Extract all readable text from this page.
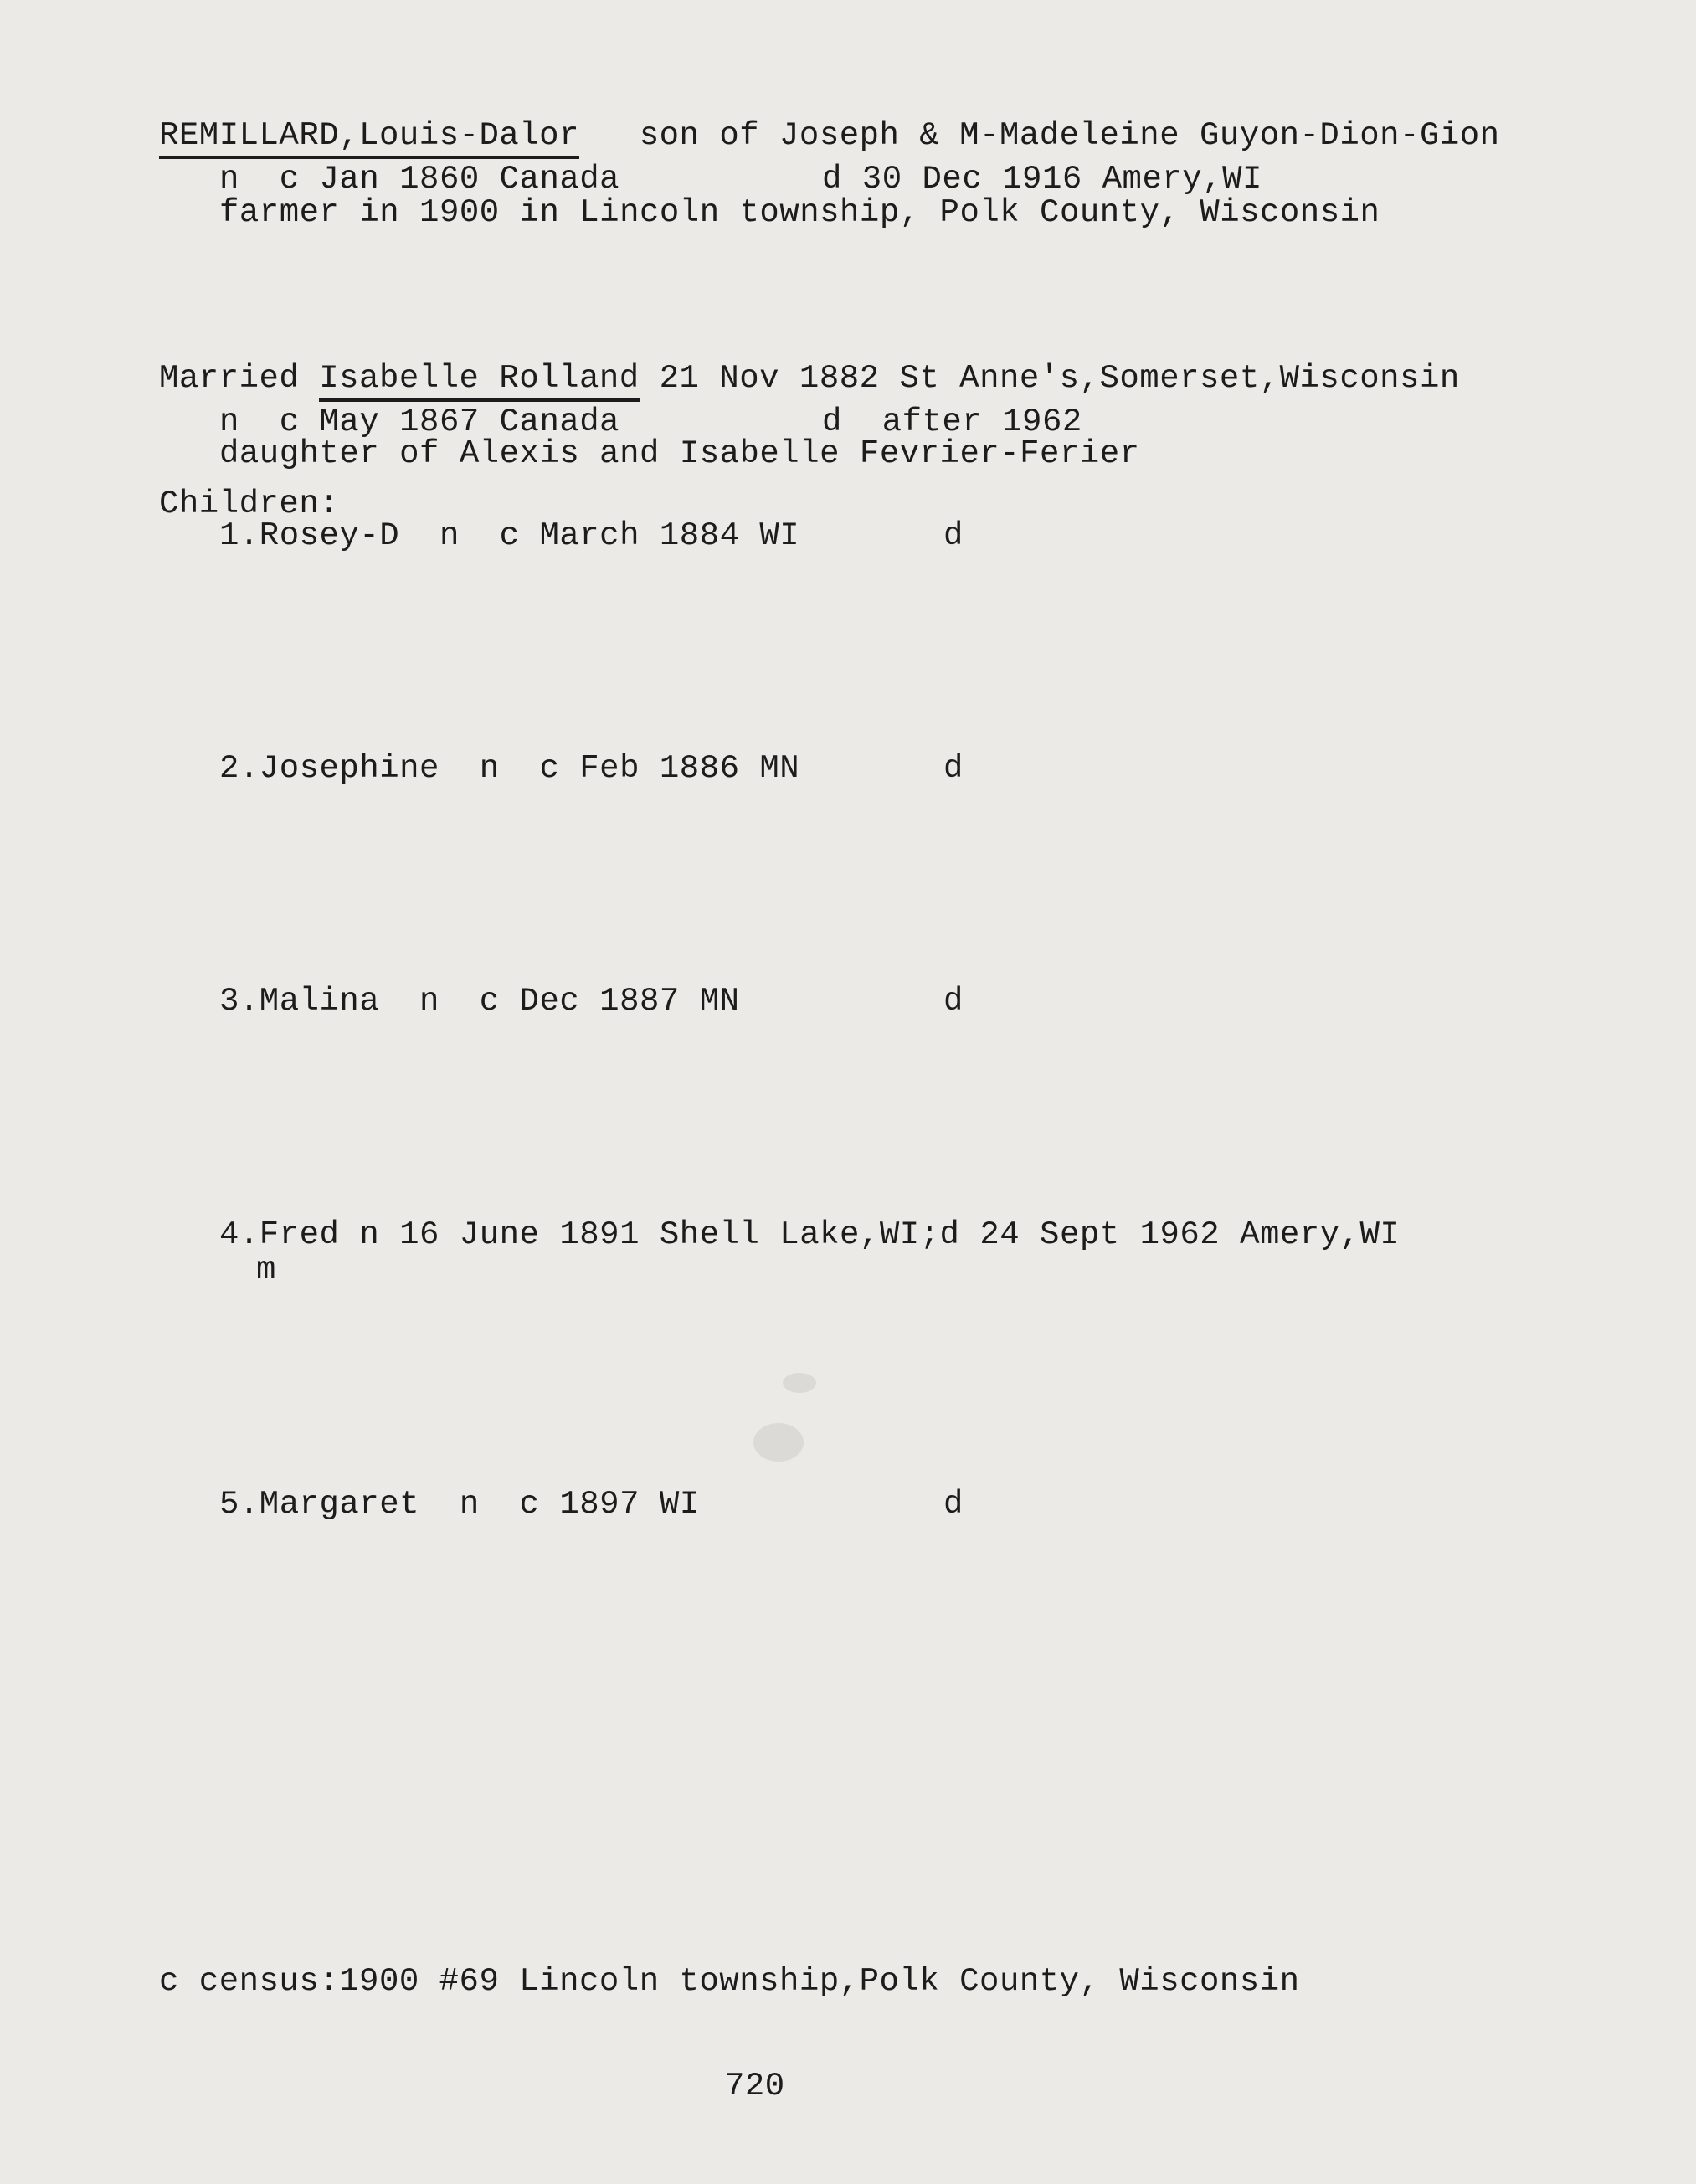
REMILLARD,Louis-Dalor son of Joseph & M-Madeleine Guyon-Dion-Gion
n  c Jan 1860 Canada	d 30 Dec 1916 Amery,WI
farmer in 1900 in Lincoln township, Polk County, Wisconsin
Married Isabelle Rolland 21 Nov 1882 St Anne's,Somerset,Wisconsin
n  c May 1867 Canada	d  after 1962
daughter of Alexis and Isabelle Fevrier-Ferier
Children:
1.Rosey-D  n  c March 1884 WI	d
2.Josephine  n  c Feb 1886 MN	d
3.Malina  n  c Dec 1887 MN	d
4.Fred n 16 June 1891 Shell Lake,WI;d 24 Sept 1962 Amery,WI
m
5.Margaret  n  c 1897 WI	d
c census:1900 #69 Lincoln township,Polk County, Wisconsin
720
